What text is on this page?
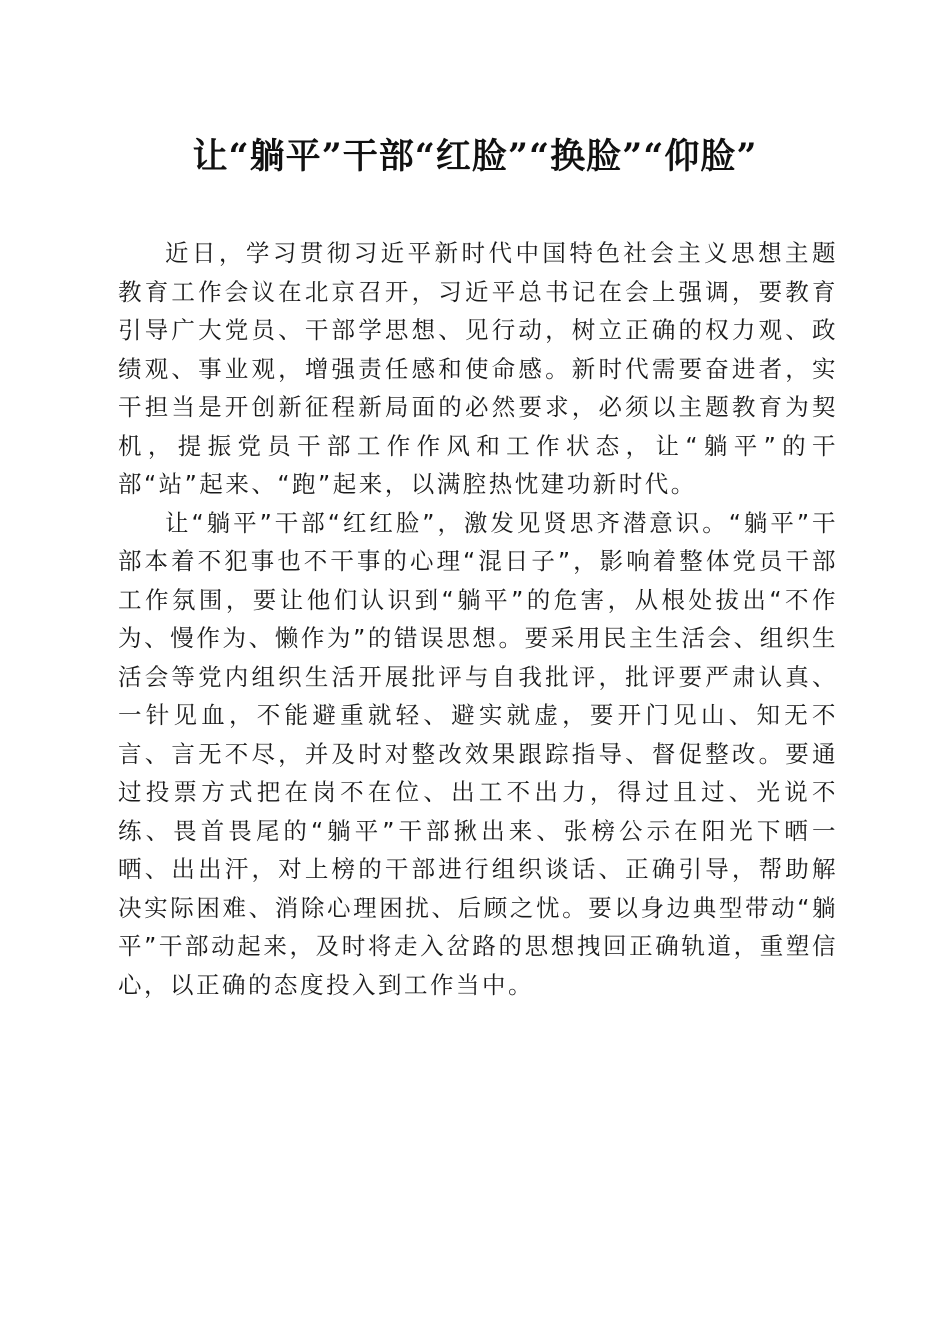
让“躺平”干部“红脸”“换脸”“仰脸”

近日，学习贯彻习近平新时代中国特色社会主义思想主题教育工作会议在北京召开，习近平总书记在会上强调，要教育引导广大党员、干部学思想、见行动，树立正确的权力观、政绩观、事业观，增强责任感和使命感。新时代需要奋进者，实干担当是开创新征程新局面的必然要求，必须以主题教育为契机，提振党员干部工作作风和工作状态，让“躺平”的干部“站”起来、“跑”起来，以满腔热忱建功新时代。

让“躺平”干部“红红脸”，激发见贤思齐潜意识。“躺平”干部本着不犯事也不干事的心理“混日子”，影响着整体党员干部工作氛围，要让他们认识到“躺平”的危害，从根处拔出“不作为、慢作为、懒作为”的错误思想。要采用民主生活会、组织生活会等党内组织生活开展批评与自我批评，批评要严肃认真、一针见血，不能避重就轻、避实就虚，要开门见山、知无不言、言无不尽，并及时对整改效果跟踪指导、督促整改。要通过投票方式把在岗不在位、出工不出力，得过且过、光说不练、畏首畏尾的“躺平”干部揪出来、张榜公示在阳光下晒一晒、出出汗，对上榜的干部进行组织谈话、正确引导，帮助解决实际困难、消除心理困扰、后顾之忧。要以身边典型带动“躺平”干部动起来，及时将走入岔路的思想拽回正确轨道，重塑信心，以正确的态度投入到工作当中。
